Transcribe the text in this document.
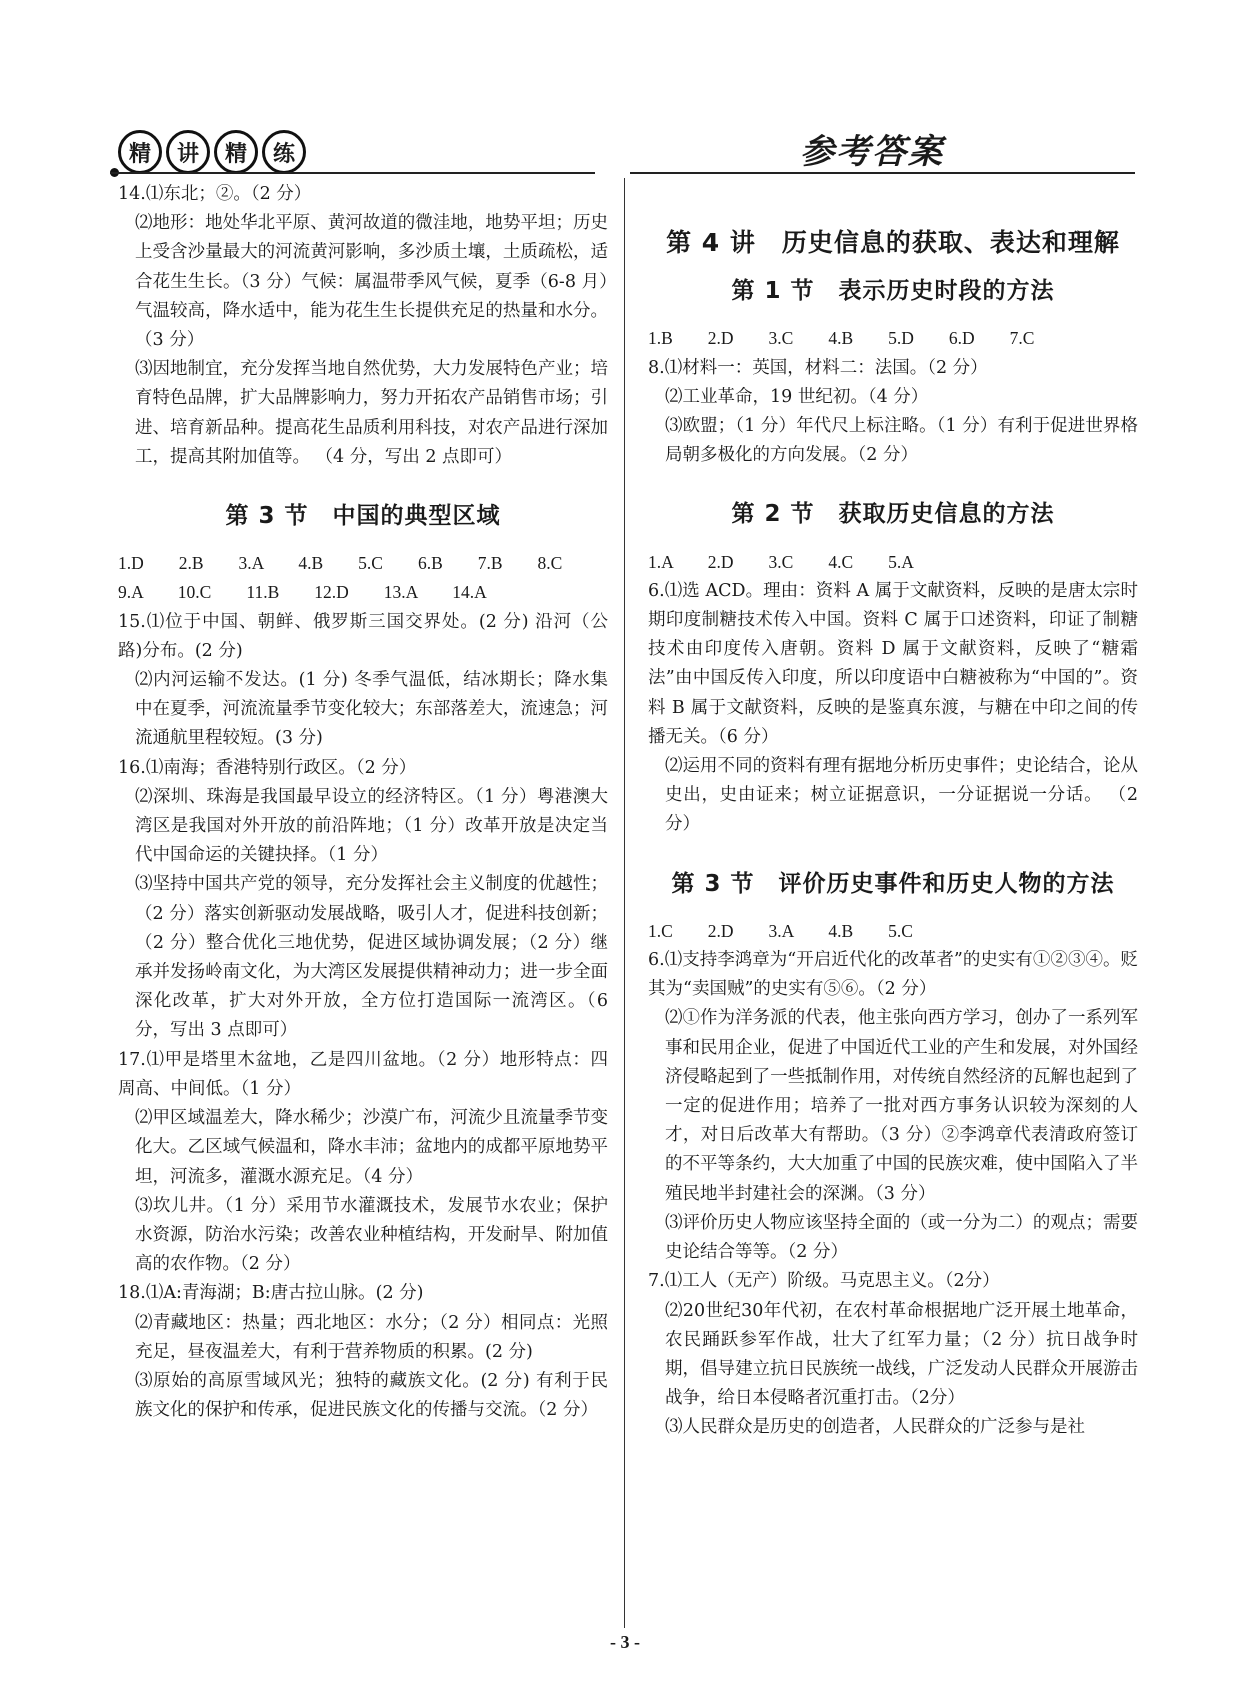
精	讲	精	练	参考答案

14.⑴东北；②。（2 分）

⑵地形：地处华北平原、黄河故道的微洼地，地势平坦；历史上受含沙量最大的河流黄河影响，多沙质土壤，土质疏松，适合花生生长。（3 分）气候：属温带季风气候，夏季（6-8 月）气温较高，降水适中，能为花生生长提供充足的热量和水分。（3 分）

⑶因地制宜，充分发挥当地自然优势，大力发展特色产业；培育特色品牌，扩大品牌影响力，努力开拓农产品销售市场；引进、培育新品种。提高花生品质利用科技，对农产品进行深加工，提高其附加值等。 （4 分，写出 2 点即可）

第 3 节　中国的典型区域

1.D　　2.B　　3.A　　4.B　　5.C　　6.B　　7.B　　8.C

9.A　　10.C　　11.B　　12.D　　13.A　　14.A

15.⑴位于中国、朝鲜、俄罗斯三国交界处。(2 分) 沿河（公路)分布。(2 分)

⑵内河运输不发达。(1 分) 冬季气温低，结冰期长；降水集中在夏季，河流流量季节变化较大；东部落差大，流速急；河流通航里程较短。(3 分)

16.⑴南海；香港特别行政区。（2 分）

⑵深圳、珠海是我国最早设立的经济特区。（1 分）粤港澳大湾区是我国对外开放的前沿阵地；（1 分）改革开放是决定当代中国命运的关键抉择。（1 分）

⑶坚持中国共产党的领导，充分发挥社会主义制度的优越性；（2 分）落实创新驱动发展战略，吸引人才，促进科技创新；（2 分）整合优化三地优势，促进区域协调发展；（2 分）继承并发扬岭南文化，为大湾区发展提供精神动力；进一步全面深化改革，扩大对外开放，全方位打造国际一流湾区。（6 分，写出 3 点即可）

17.⑴甲是塔里木盆地，乙是四川盆地。（2 分）地形特点：四周高、中间低。（1 分）

⑵甲区域温差大，降水稀少；沙漠广布，河流少且流量季节变化大。乙区域气候温和，降水丰沛；盆地内的成都平原地势平坦，河流多，灌溉水源充足。（4 分）

⑶坎儿井。（1 分）采用节水灌溉技术，发展节水农业；保护水资源，防治水污染；改善农业种植结构，开发耐旱、附加值高的农作物。（2 分）

18.⑴A:青海湖；B:唐古拉山脉。(2 分)

⑵青藏地区：热量；西北地区：水分；（2 分）相同点：光照充足，昼夜温差大，有利于营养物质的积累。(2 分)

⑶原始的高原雪域风光；独特的藏族文化。(2 分) 有利于民族文化的保护和传承，促进民族文化的传播与交流。（2 分）

第 4 讲　历史信息的获取、表达和理解
第 1 节　表示历史时段的方法

1.B　　2.D　　3.C　　4.B　　5.D　　6.D　　7.C

8.⑴材料一：英国，材料二：法国。（2 分）

⑵工业革命，19 世纪初。（4 分）

⑶欧盟；（1 分）年代尺上标注略。（1 分）有利于促进世界格局朝多极化的方向发展。（2 分）

第 2 节　获取历史信息的方法

1.A　　2.D　　3.C　　4.C　　5.A

6.⑴选 ACD。理由：资料 A 属于文献资料，反映的是唐太宗时期印度制糖技术传入中国。资料 C 属于口述资料，印证了制糖技术由印度传入唐朝。资料 D 属于文献资料，反映了“糖霜法”由中国反传入印度，所以印度语中白糖被称为“中国的”。资料 B 属于文献资料，反映的是鉴真东渡，与糖在中印之间的传播无关。（6 分）

⑵运用不同的资料有理有据地分析历史事件；史论结合，论从史出，史由证来；树立证据意识，一分证据说一分话。 （2 分）

第 3 节　评价历史事件和历史人物的方法

1.C　　2.D　　3.A　　4.B　　5.C

6.⑴支持李鸿章为“开启近代化的改革者”的史实有①②③④。贬其为“卖国贼”的史实有⑤⑥。（2 分）

⑵①作为洋务派的代表，他主张向西方学习，创办了一系列军事和民用企业，促进了中国近代工业的产生和发展，对外国经济侵略起到了一些抵制作用，对传统自然经济的瓦解也起到了一定的促进作用；培养了一批对西方事务认识较为深刻的人才，对日后改革大有帮助。（3 分）②李鸿章代表清政府签订的不平等条约，大大加重了中国的民族灾难，使中国陷入了半殖民地半封建社会的深渊。（3 分）

⑶评价历史人物应该坚持全面的（或一分为二）的观点；需要史论结合等等。（2 分）

7.⑴工人（无产）阶级。马克思主义。（2分）

⑵20世纪30年代初，在农村革命根据地广泛开展土地革命，农民踊跃参军作战，壮大了红军力量；（2 分）抗日战争时期，倡导建立抗日民族统一战线，广泛发动人民群众开展游击战争，给日本侵略者沉重打击。（2分）

⑶人民群众是历史的创造者，人民群众的广泛参与是社

- 3 -
